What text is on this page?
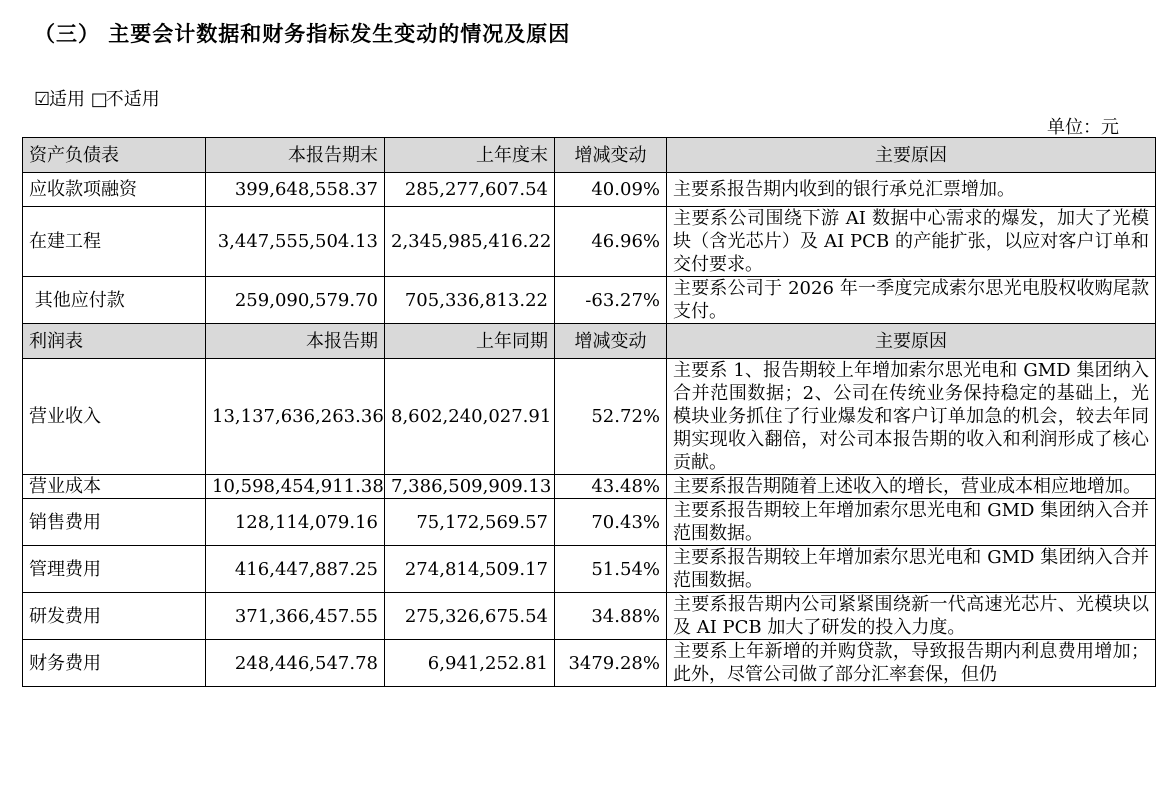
（三） 主要会计数据和财务指标发生变动的情况及原因
☑适用 □不适用
单位：元
资产负债表	本报告期末	上年度末	增减变动	主要原因
应收款项融资	399,648,558.37	285,277,607.54	40.09%	主要系报告期内收到的银行承兑汇票增加。
在建工程	3,447,555,504.13	2,345,985,416.22	46.96%	主要系公司围绕下游 AI 数据中心需求的爆发，加大了光模块（含光芯片）及 AI PCB 的产能扩张，以应对客户订单和交付要求。
其他应付款	259,090,579.70	705,336,813.22	-63.27%	主要系公司于 2026 年一季度完成索尔思光电股权收购尾款支付。
利润表	本报告期	上年同期	增减变动	主要原因
营业收入	13,137,636,263.36	8,602,240,027.91	52.72%	主要系 1、报告期较上年增加索尔思光电和 GMD 集团纳入合并范围数据；2、公司在传统业务保持稳定的基础上，光模块业务抓住了行业爆发和客户订单加急的机会，较去年同期实现收入翻倍，对公司本报告期的收入和利润形成了核心贡献。
营业成本	10,598,454,911.38	7,386,509,909.13	43.48%	主要系报告期随着上述收入的增长，营业成本相应地增加。
销售费用	128,114,079.16	75,172,569.57	70.43%	主要系报告期较上年增加索尔思光电和 GMD 集团纳入合并范围数据。
管理费用	416,447,887.25	274,814,509.17	51.54%	主要系报告期较上年增加索尔思光电和 GMD 集团纳入合并范围数据。
研发费用	371,366,457.55	275,326,675.54	34.88%	主要系报告期内公司紧紧围绕新一代高速光芯片、光模块以及 AI PCB 加大了研发的投入力度。
财务费用	248,446,547.78	6,941,252.81	3479.28%	主要系上年新增的并购贷款，导致报告期内利息费用增加；此外，尽管公司做了部分汇率套保，但仍
